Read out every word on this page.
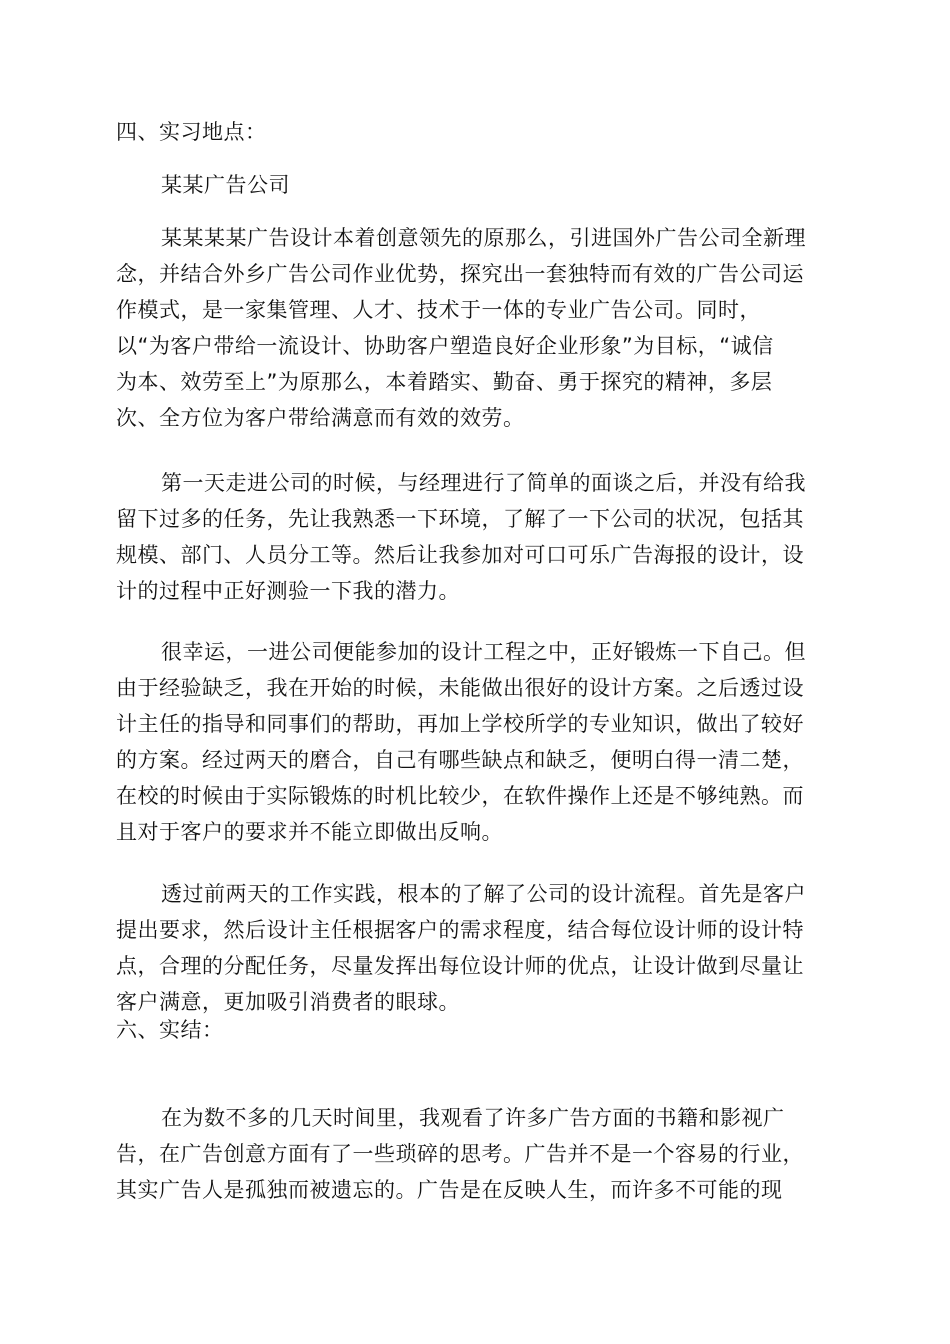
四、实习地点：
某某广告公司
某某某某广告设计本着创意领先的原那么，引进国外广告公司全新理
念，并结合外乡广告公司作业优势，探究出一套独特而有效的广告公司运
作模式，是一家集管理、人才、技术于一体的专业广告公司。同时，
以“为客户带给一流设计、协助客户塑造良好企业形象”为目标，“诚信
为本、效劳至上”为原那么，本着踏实、勤奋、勇于探究的精神，多层
次、全方位为客户带给满意而有效的效劳。
第一天走进公司的时候，与经理进行了简单的面谈之后，并没有给我
留下过多的任务，先让我熟悉一下环境，了解了一下公司的状况，包括其
规模、部门、人员分工等。然后让我参加对可口可乐广告海报的设计，设
计的过程中正好测验一下我的潜力。
很幸运，一进公司便能参加的设计工程之中，正好锻炼一下自己。但
由于经验缺乏，我在开始的时候，未能做出很好的设计方案。之后透过设
计主任的指导和同事们的帮助，再加上学校所学的专业知识，做出了较好
的方案。经过两天的磨合，自己有哪些缺点和缺乏，便明白得一清二楚，
在校的时候由于实际锻炼的时机比较少，在软件操作上还是不够纯熟。而
且对于客户的要求并不能立即做出反响。
透过前两天的工作实践，根本的了解了公司的设计流程。首先是客户
提出要求，然后设计主任根据客户的需求程度，结合每位设计师的设计特
点，合理的分配任务，尽量发挥出每位设计师的优点，让设计做到尽量让
客户满意，更加吸引消费者的眼球。
六、实结：
在为数不多的几天时间里，我观看了许多广告方面的书籍和影视广
告，在广告创意方面有了一些琐碎的思考。广告并不是一个容易的行业，
其实广告人是孤独而被遗忘的。广告是在反映人生，而许多不可能的现
